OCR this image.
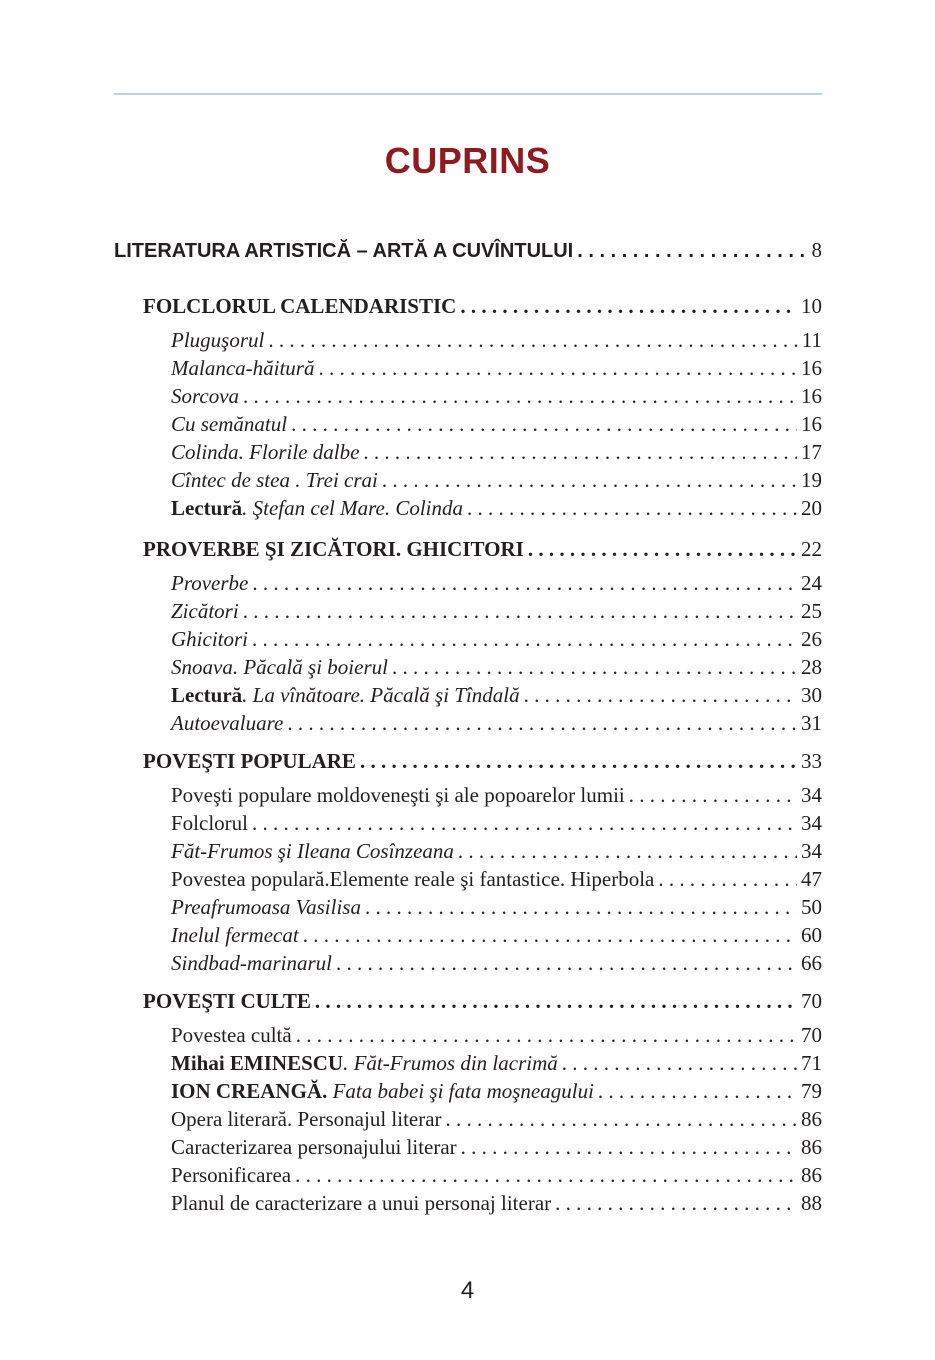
CUPRINS
LITERATURA ARTISTICĂ – ARTĂ A CUVÎNTULUI . . .	8
FOLCLORUL CALENDARISTIC . . .	10
Pluguşorul . . .	11
Malanca-hăitură . . .	16
Sorcova . . .	16
Cu semănatul . . .	16
Colinda. Florile dalbe . . .	17
Cîntec de stea . Trei crai . . .	19
Lectură. Ştefan cel Mare. Colinda . . .	20
PROVERBE ŞI ZICĂTORI. GHICITORI . . .	22
Proverbe . . .	24
Zicători . . .	25
Ghicitori . . .	26
Snoava. Păcală şi boierul . . .	28
Lectură. La vînătoare. Păcală şi Tîndală . . .	30
Autoevaluare . . .	31
POVEŞTI POPULARE . . .	33
Poveşti populare moldoveneşti şi ale popoarelor lumii . . .	34
Folclorul . . .	34
Făt-Frumos şi Ileana Cosînzeana . . .	34
Povestea populară.Elemente reale şi fantastice. Hiperbola . . .	47
Preafrumoasa Vasilisa . . .	50
Inelul fermecat . . .	60
Sindbad-marinarul . . .	66
POVEŞTI CULTE . . .	70
Povestea cultă . . .	70
Mihai EMINESCU. Făt-Frumos din lacrimă . . .	71
ION CREANGĂ. Fata babei şi fata moşneagului . . .	79
Opera literară. Personajul literar . . .	86
Caracterizarea personajului literar . . .	86
Personificarea . . .	86
Planul de caracterizare a unui personaj literar . . .	88
4
